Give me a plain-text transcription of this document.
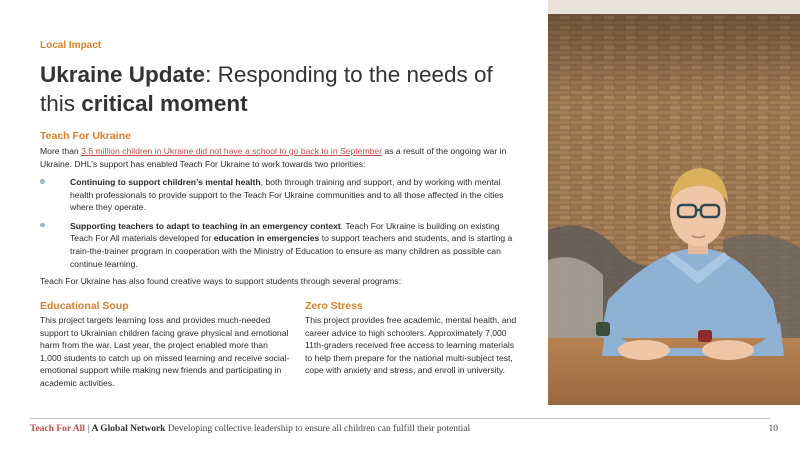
Local Impact
Ukraine Update: Responding to the needs of this critical moment
Teach For Ukraine

More than 3.6 million children in Ukraine did not have a school to go back to in September as a result of the ongoing war in Ukraine. DHL’s support has enabled Teach For Ukraine to work towards two priorities:

Continuing to support children’s mental health, both through training and support, and by working with mental health professionals to provide support to the Teach For Ukraine communities and to all those affected in the cities where they operate.
Supporting teachers to adapt to teaching in an emergency context. Teach For Ukraine is building on existing Teach For All materials developed for education in emergencies to support teachers and students, and is starting a train-the-trainer program in cooperation with the Ministry of Education to ensure as many children as possible can continue learning.

Teach For Ukraine has also found creative ways to support students through several programs:

Educational Soup

This project targets learning loss and provides much-needed support to Ukrainian children facing grave physical and emotional harm from the war. Last year, the project enabled more than 1,000 students to catch up on missed learning and receive social- emotional support while making new friends and participating in academic activities.

Zero Stress

This project provides free academic, mental health, and career advice to high schoolers. Approximately 7,000 11th-graders received free access to learning materials to help them prepare for the national multi-subject test, cope with anxiety and stress, and enroll in university.

Teach For All | A Global Network Developing collective leadership to ensure all children can fulfill their potential	10
